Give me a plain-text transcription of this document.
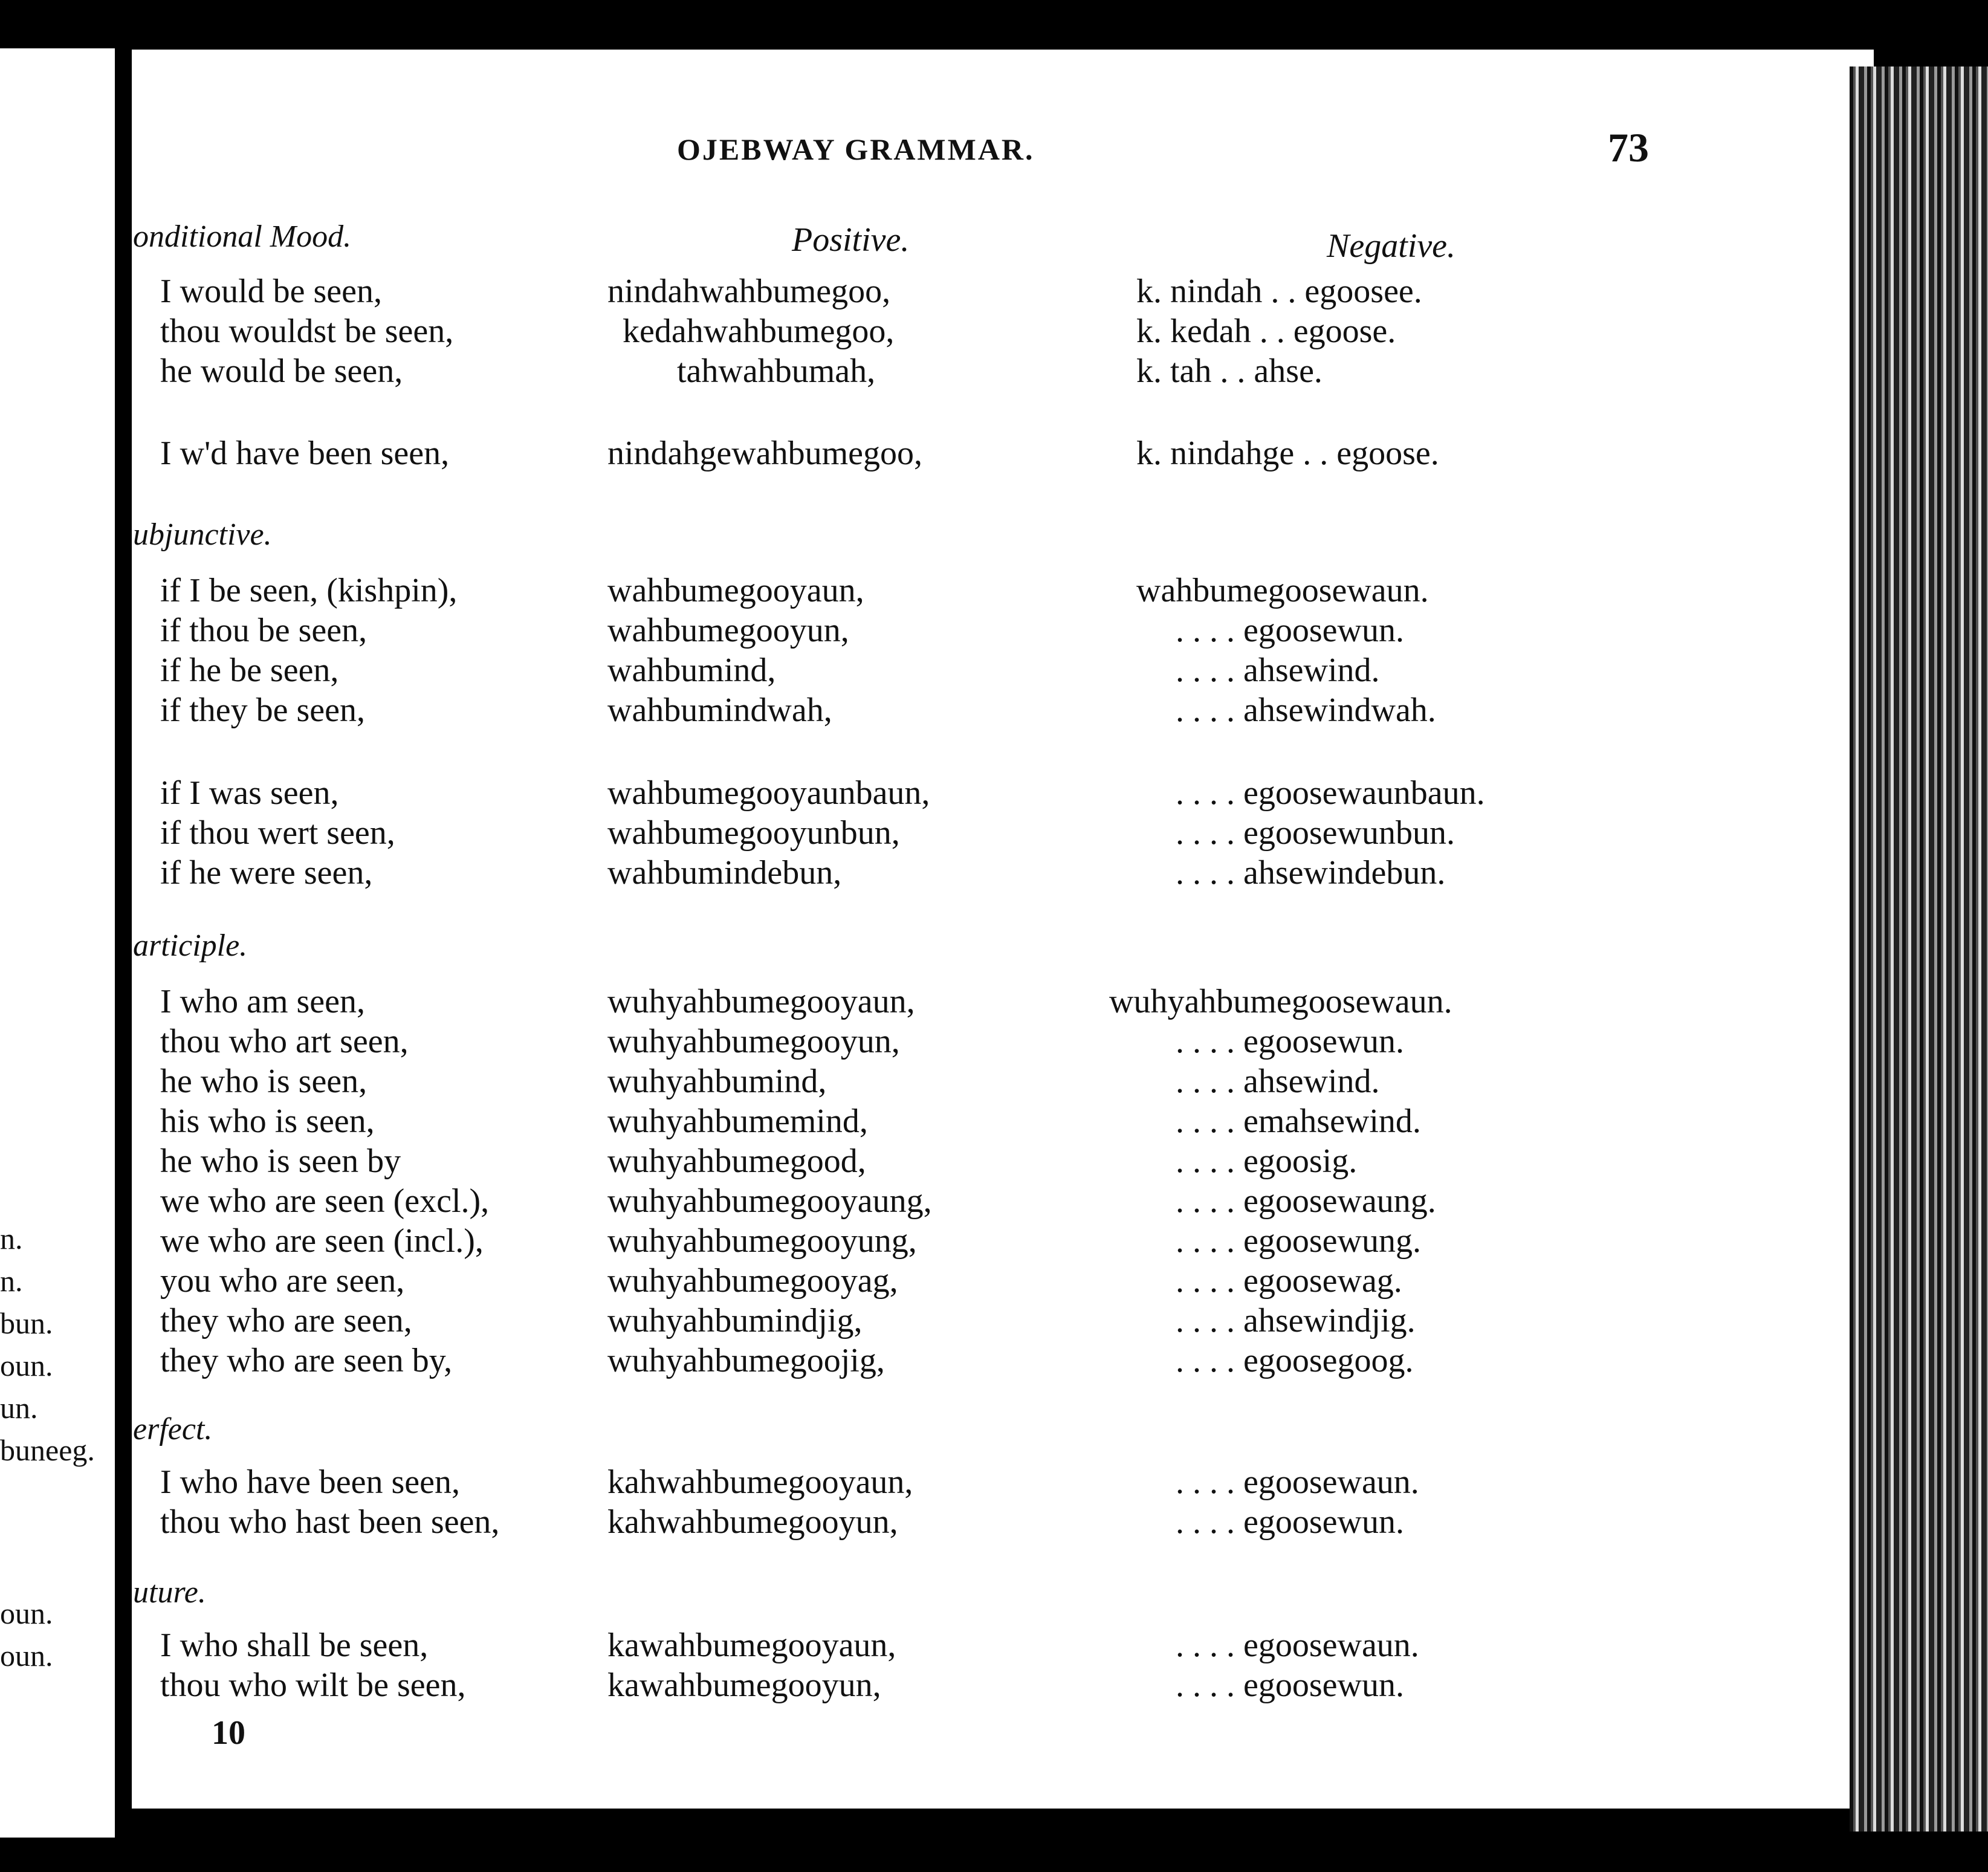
n.
n.
bun.
oun.
un.
buneeg.
oun.
oun.
OJEBWAY GRAMMAR.	73
Positive.	Negative.
onditional Mood.
I would be seen,	nindahwahbumegoo,	k. nindah . . egoosee.
thou wouldst be seen,	kedahwahbumegoo,	k. kedah . . egoose.
he would be seen,	tahwahbumah,	k. tah . . ahse.
I w'd have been seen,	nindahgewahbumegoo,	k. nindahge . . egoose.
ubjunctive.
if I be seen, (kishpin),	wahbumegooyaun,	wahbumegoosewaun.
if thou be seen,	wahbumegooyun,	. . . . egoosewun.
if he be seen,	wahbumind,	. . . . ahsewind.
if they be seen,	wahbumindwah,	. . . . ahsewindwah.
if I was seen,	wahbumegooyaunbaun,	. . . . egoosewaunbaun.
if thou wert seen,	wahbumegooyunbun,	. . . . egoosewunbun.
if he were seen,	wahbumindebun,	. . . . ahsewindebun.
articiple.
I who am seen,	wuhyahbumegooyaun,	wuhyahbumegoosewaun.
thou who art seen,	wuhyahbumegooyun,	. . . . egoosewun.
he who is seen,	wuhyahbumind,	. . . . ahsewind.
his who is seen,	wuhyahbumemind,	. . . . emahsewind.
he who is seen by	wuhyahbumegood,	. . . . egoosig.
we who are seen (excl.),	wuhyahbumegooyaung,	. . . . egoosewaung.
we who are seen (incl.),	wuhyahbumegooyung,	. . . . egoosewung.
you who are seen,	wuhyahbumegooyag,	. . . . egoosewag.
they who are seen,	wuhyahbumindjig,	. . . . ahsewindjig.
they who are seen by,	wuhyahbumegoojig,	. . . . egoosegoog.
erfect.
I who have been seen,	kahwahbumegooyaun,	. . . . egoosewaun.
thou who hast been seen,	kahwahbumegooyun,	. . . . egoosewun.
uture.
I who shall be seen,	kawahbumegooyaun,	. . . . egoosewaun.
thou who wilt be seen,	kawahbumegooyun,	. . . . egoosewun.
10
